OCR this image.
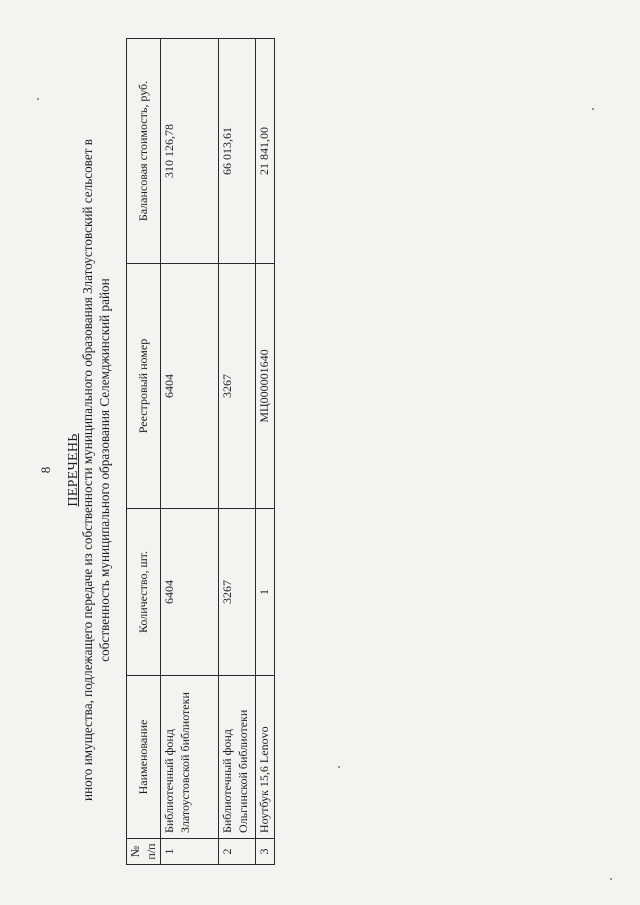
8 ПЕРЕЧЕНЬ иного имущества, подлежащего передаче из собственности муниципального образования Златоустовский сельсовет в собственность муниципального образования Селемджинский район
№ п/п	Наименование	Количество, шт.	Реестровый номер	Балансовая стоимость, руб.
1	Библиотечный фонд Златоустовской библиотеки	6404	6404	310 126,78
2	Библиотечный фонд Ольгинской библиотеки	3267	3267	66 013,61
3	Ноутбук 15,6 Lenovo	1	МЦ000001640	21 841,00
